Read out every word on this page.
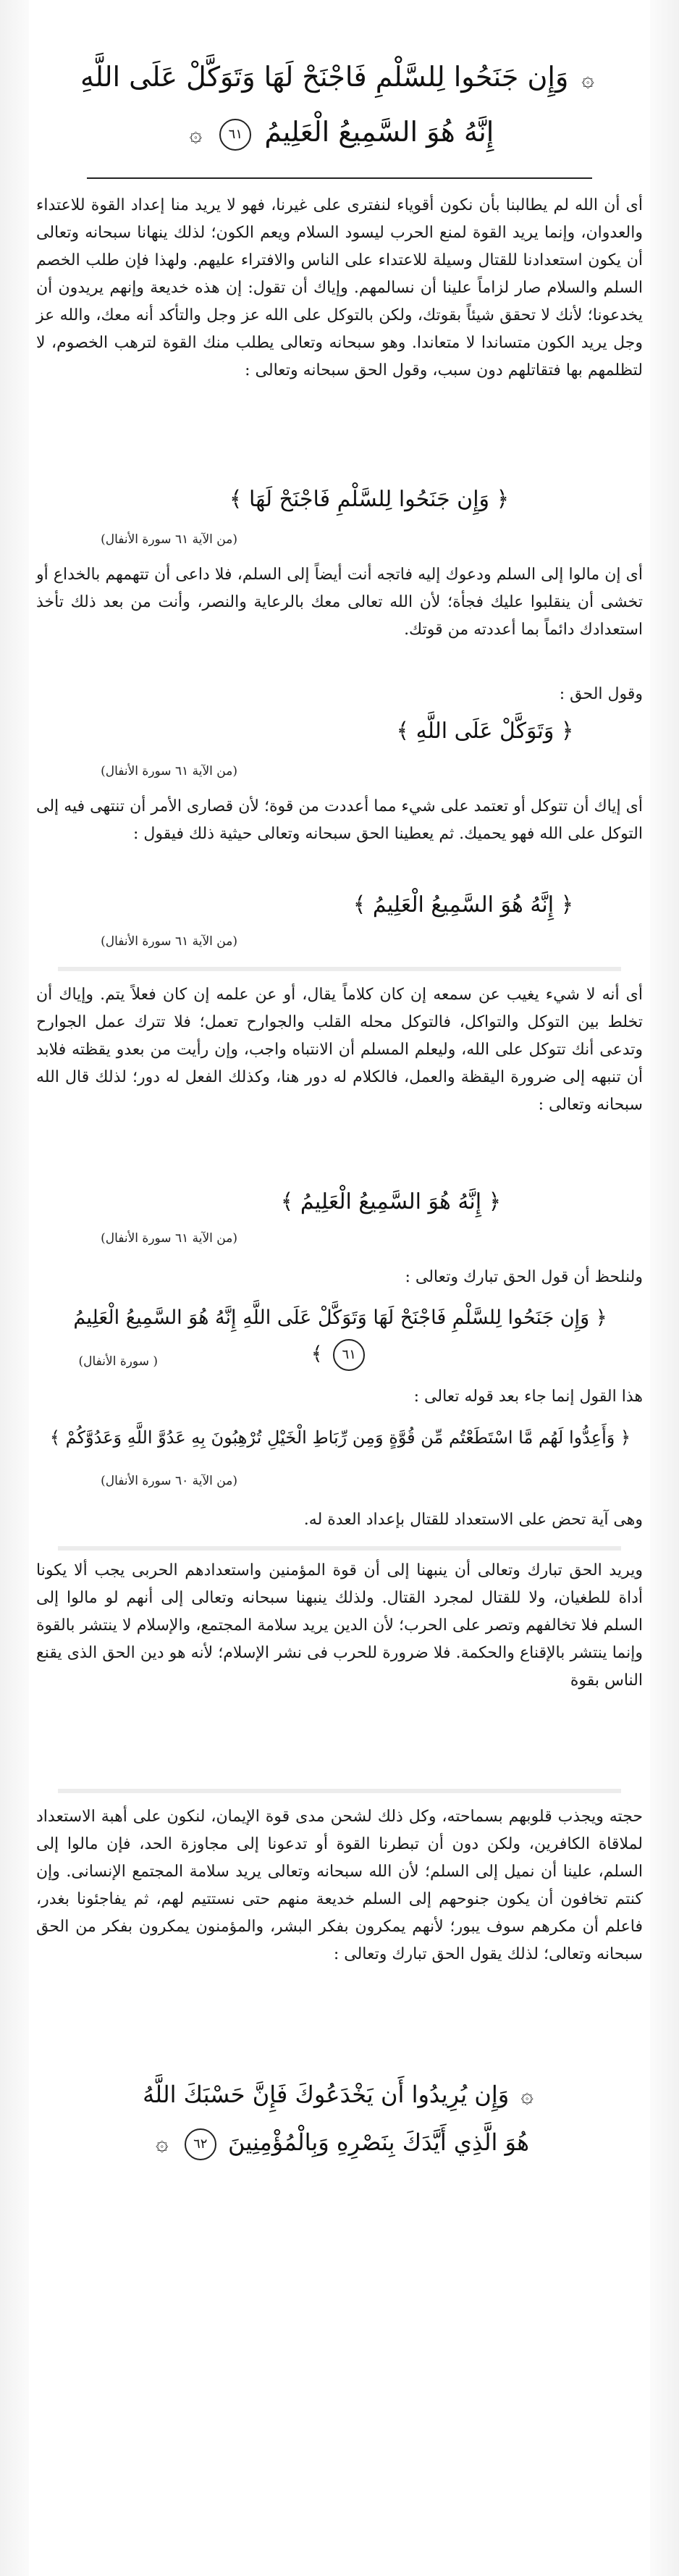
۞ وَإِن جَنَحُوا لِلسَّلْمِ فَاجْنَحْ لَهَا وَتَوَكَّلْ عَلَى اللَّهِ
إِنَّهُ هُوَ السَّمِيعُ الْعَلِيمُ ٦١ ۞
أى أن الله لم يطالبنا بأن نكون أقوياء لنفترى على غيرنا، فهو لا يريد منا إعداد القوة للاعتداء والعدوان، وإنما يريد القوة لمنع الحرب ليسود السلام ويعم الكون؛ لذلك ينهانا سبحانه وتعالى أن يكون استعدادنا للقتال وسيلة للاعتداء على الناس والافتراء عليهم. ولهذا فإن طلب الخصم السلم والسلام صار لزاماً علينا أن نسالمهم. وإياك أن تقول: إن هذه خديعة وإنهم يريدون أن يخدعونا؛ لأنك لا تحقق شيئاً بقوتك، ولكن بالتوكل على الله عز وجل والتأكد أنه معك، والله عز وجل يريد الكون متساندا لا متعاندا. وهو سبحانه وتعالى يطلب منك القوة لترهب الخصوم، لا لتظلمهم بها فتقاتلهم دون سبب، وقول الحق سبحانه وتعالى :
﴿ وَإِن جَنَحُوا لِلسَّلْمِ فَاجْنَحْ لَهَا ﴾
(من الآية ٦١ سورة الأنفال)
أى إن مالوا إلى السلم ودعوك إليه فاتجه أنت أيضاً إلى السلم، فلا داعى أن تتهمهم بالخداع أو تخشى أن ينقلبوا عليك فجأة؛ لأن الله تعالى معك بالرعاية والنصر، وأنت من بعد ذلك تأخذ استعدادك دائماً بما أعددته من قوتك.
وقول الحق :
﴿ وَتَوَكَّلْ عَلَى اللَّهِ ﴾
(من الآية ٦١ سورة الأنفال)
أى إياك أن تتوكل أو تعتمد على شيء مما أعددت من قوة؛ لأن قصارى الأمر أن تنتهى فيه إلى التوكل على الله فهو يحميك. ثم يعطينا الحق سبحانه وتعالى حيثية ذلك فيقول :
﴿ إِنَّهُ هُوَ السَّمِيعُ الْعَلِيمُ ﴾
(من الآية ٦١ سورة الأنفال)
أى أنه لا شيء يغيب عن سمعه إن كان كلاماً يقال، أو عن علمه إن كان فعلاً يتم. وإياك أن تخلط بين التوكل والتواكل، فالتوكل محله القلب والجوارح تعمل؛ فلا تترك عمل الجوارح وتدعى أنك تتوكل على الله، وليعلم المسلم أن الانتباه واجب، وإن رأيت من بعدو يقظته فلابد أن تنبهه إلى ضرورة اليقظة والعمل، فالكلام له دور هنا، وكذلك الفعل له دور؛ لذلك قال الله سبحانه وتعالى :
﴿ إِنَّهُ هُوَ السَّمِيعُ الْعَلِيمُ ﴾
(من الآية ٦١ سورة الأنفال)
ولنلحظ أن قول الحق تبارك وتعالى :
﴿ وَإِن جَنَحُوا لِلسَّلْمِ فَاجْنَحْ لَهَا وَتَوَكَّلْ عَلَى اللَّهِ إِنَّهُ هُوَ السَّمِيعُ الْعَلِيمُ ٦١ ﴾
( سورة الأنفال)
هذا القول إنما جاء بعد قوله تعالى :
﴿ وَأَعِدُّوا لَهُم مَّا اسْتَطَعْتُم مِّن قُوَّةٍ وَمِن رِّبَاطِ الْخَيْلِ تُرْهِبُونَ بِهِ عَدُوَّ اللَّهِ وَعَدُوَّكُمْ ﴾
(من الآية ٦٠ سورة الأنفال)
وهى آية تحض على الاستعداد للقتال بإعداد العدة له.
ويريد الحق تبارك وتعالى أن ينبهنا إلى أن قوة المؤمنين واستعدادهم الحربى يجب ألا يكونا أداة للطغيان، ولا للقتال لمجرد القتال. ولذلك ينبهنا سبحانه وتعالى إلى أنهم لو مالوا إلى السلم فلا تخالفهم وتصر على الحرب؛ لأن الدين يريد سلامة المجتمع، والإسلام لا ينتشر بالقوة وإنما ينتشر بالإقناع والحكمة. فلا ضرورة للحرب فى نشر الإسلام؛ لأنه هو دين الحق الذى يقنع الناس بقوة
حجته ويجذب قلوبهم بسماحته، وكل ذلك لشحن مدى قوة الإيمان، لنكون على أهبة الاستعداد لملاقاة الكافرين، ولكن دون أن تبطرنا القوة أو تدعونا إلى مجاوزة الحد، فإن مالوا إلى السلم، علينا أن نميل إلى السلم؛ لأن الله سبحانه وتعالى يريد سلامة المجتمع الإنسانى. وإن كنتم تخافون أن يكون جنوحهم إلى السلم خديعة منهم حتى نستتيم لهم، ثم يفاجئونا بغدر، فاعلم أن مكرهم سوف يبور؛ لأنهم يمكرون بفكر البشر، والمؤمنون يمكرون بفكر من الحق سبحانه وتعالى؛ لذلك يقول الحق تبارك وتعالى :
۞ وَإِن يُرِيدُوا أَن يَخْدَعُوكَ فَإِنَّ حَسْبَكَ اللَّهُ
هُوَ الَّذِي أَيَّدَكَ بِنَصْرِهِ وَبِالْمُؤْمِنِينَ ٦٢ ۞
